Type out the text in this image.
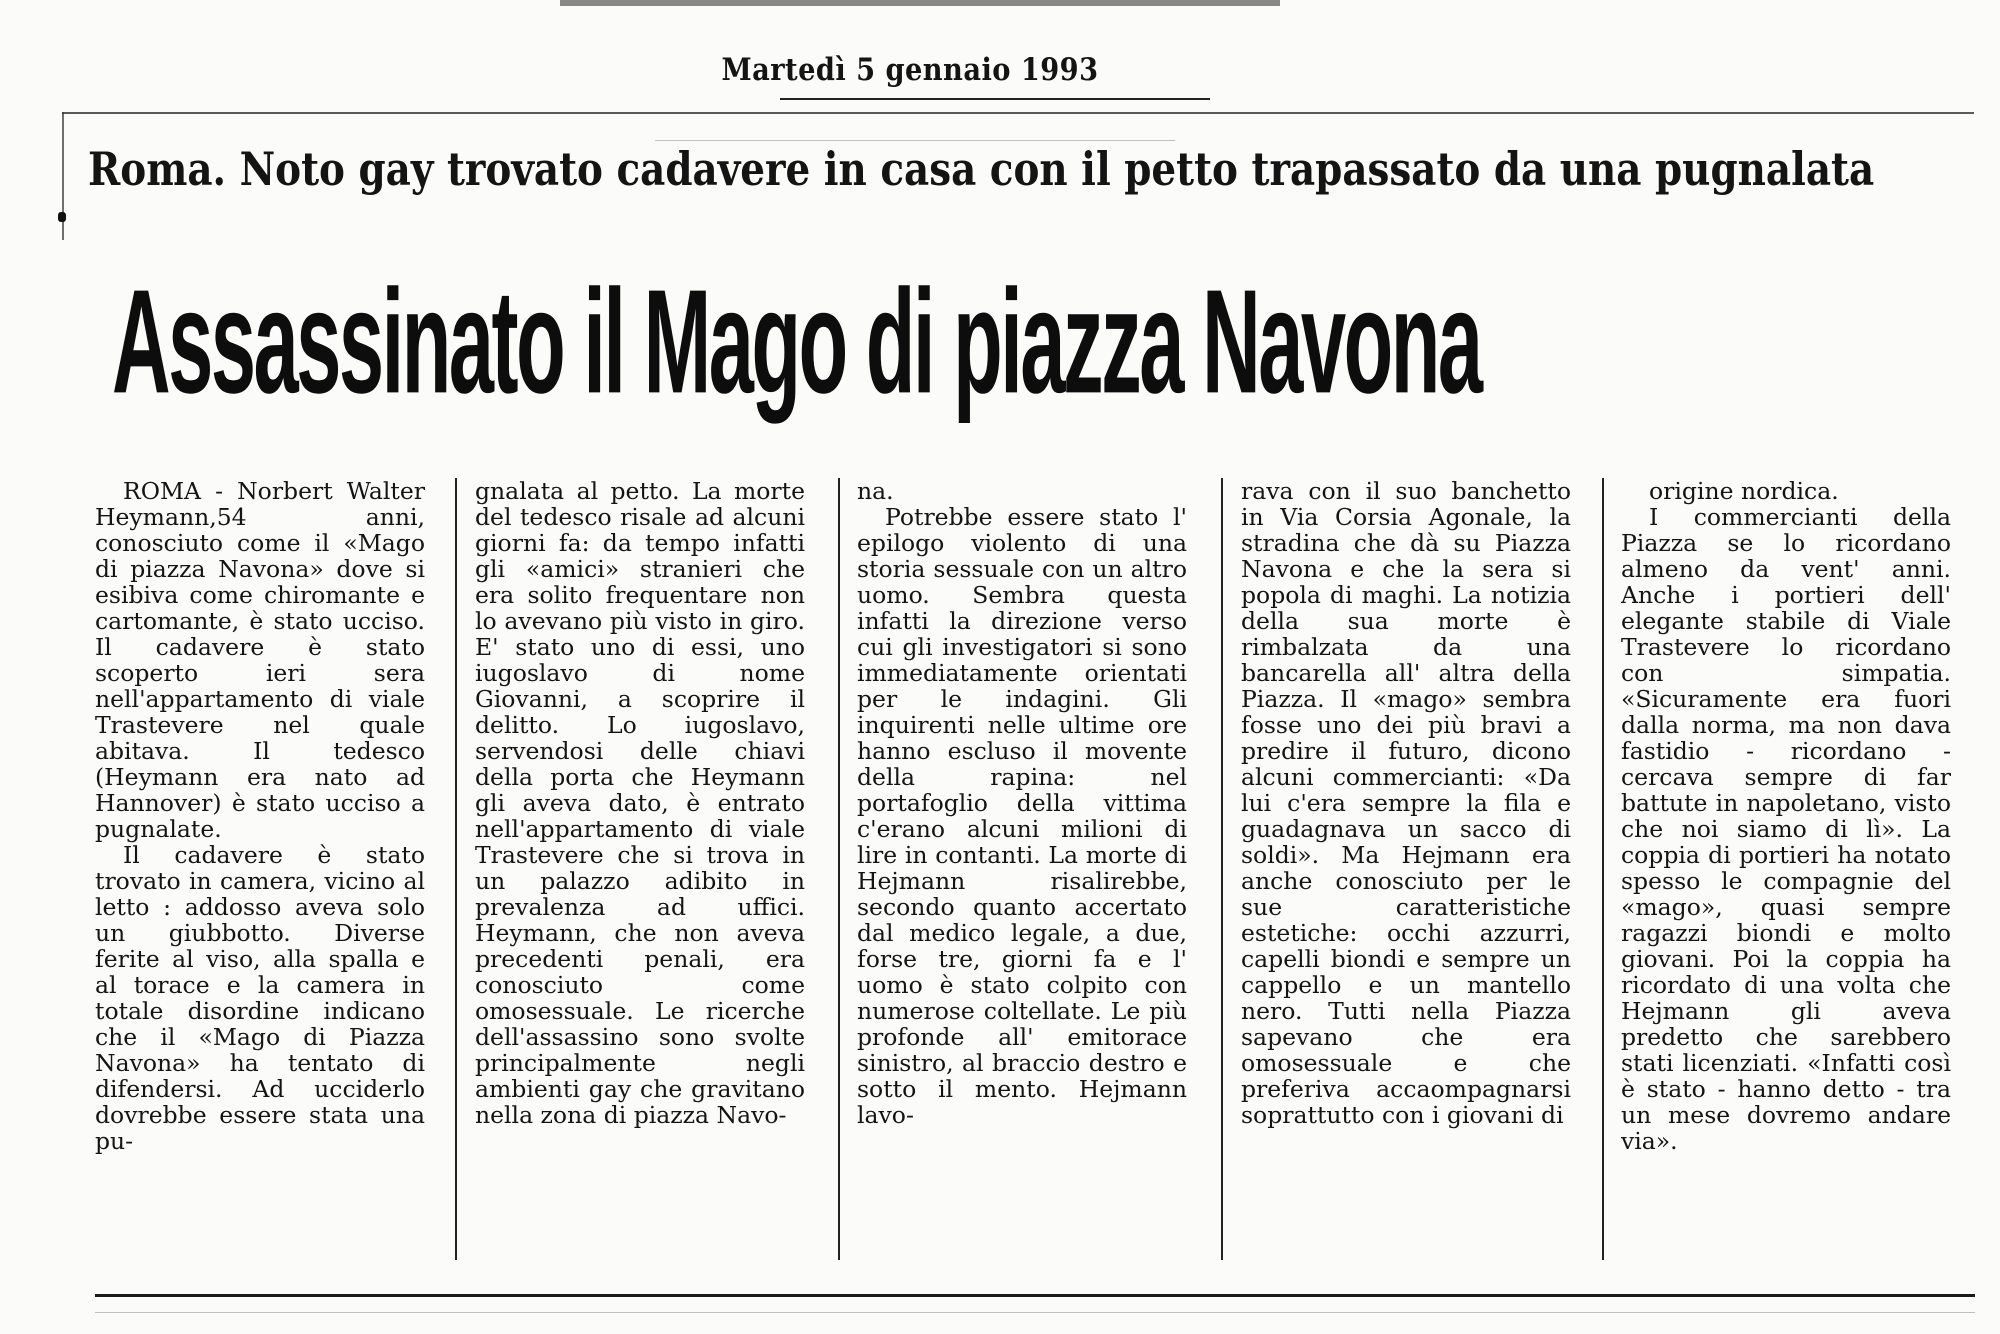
Martedì 5 gennaio 1993
Roma. Noto gay trovato cadavere in casa con il petto trapassato da una pugnalata
Assassinato il Mago di piazza Navona

ROMA - Norbert Walter Heymann,54 anni, conosciuto come il «Mago di piazza Navona» dove si esibiva come chiromante e cartomante, è stato ucciso. Il cadavere è stato scoperto ieri sera nell'appartamento di viale Trastevere nel quale abitava. Il tedesco (Heymann era nato ad Hannover) è stato ucciso a pugnalate.

Il cadavere è stato trovato in camera, vicino al letto : addosso aveva solo un giubbotto. Diverse ferite al viso, alla spalla e al torace e la camera in totale disordine indicano che il «Mago di Piazza Navona» ha tentato di difendersi. Ad ucciderlo dovrebbe essere stata una pu-

gnalata al petto. La morte del tedesco risale ad alcuni giorni fa: da tempo infatti gli «amici» stranieri che era solito frequentare non lo avevano più visto in giro. E' stato uno di essi, uno iugoslavo di nome Giovanni, a scoprire il delitto. Lo iugoslavo, servendosi delle chiavi della porta che Heymann gli aveva dato, è entrato nell'appartamento di viale Trastevere che si trova in un palazzo adibito in prevalenza ad uffici. Heymann, che non aveva precedenti penali, era conosciuto come omosessuale. Le ricerche dell'assassino sono svolte principalmente negli ambienti gay che gravitano nella zona di piazza Navo-

na.

Potrebbe essere stato l' epilogo violento di una storia sessuale con un altro uomo. Sembra questa infatti la direzione verso cui gli investigatori si sono immediatamente orientati per le indagini. Gli inquirenti nelle ultime ore hanno escluso il movente della rapina: nel portafoglio della vittima c'erano alcuni milioni di lire in contanti. La morte di Hejmann risalirebbe, secondo quanto accertato dal medico legale, a due, forse tre, giorni fa e l' uomo è stato colpito con numerose coltellate. Le più profonde all' emitorace sinistro, al braccio destro e sotto il mento. Hejmann lavo-

rava con il suo banchetto in Via Corsia Agonale, la stradina che dà su Piazza Navona e che la sera si popola di maghi. La notizia della sua morte è rimbalzata da una bancarella all' altra della Piazza. Il «mago» sembra fosse uno dei più bravi a predire il futuro, dicono alcuni commercianti: «Da lui c'era sempre la fila e guadagnava un sacco di soldi». Ma Hejmann era anche conosciuto per le sue caratteristiche estetiche: occhi azzurri, capelli biondi e sempre un cappello e un mantello nero. Tutti nella Piazza sapevano che era omosessuale e che preferiva accaompagnarsi soprattutto con i giovani di

origine nordica.

I commercianti della Piazza se lo ricordano almeno da vent' anni. Anche i portieri dell' elegante stabile di Viale Trastevere lo ricordano con simpatia. «Sicuramente era fuori dalla norma, ma non dava fastidio - ricordano - cercava sempre di far battute in napoletano, visto che noi siamo di lì». La coppia di portieri ha notato spesso le compagnie del «mago», quasi sempre ragazzi biondi e molto giovani. Poi la coppia ha ricordato di una volta che Hejmann gli aveva predetto che sarebbero stati licenziati. «Infatti così è stato - hanno detto - tra un mese dovremo andare via».
